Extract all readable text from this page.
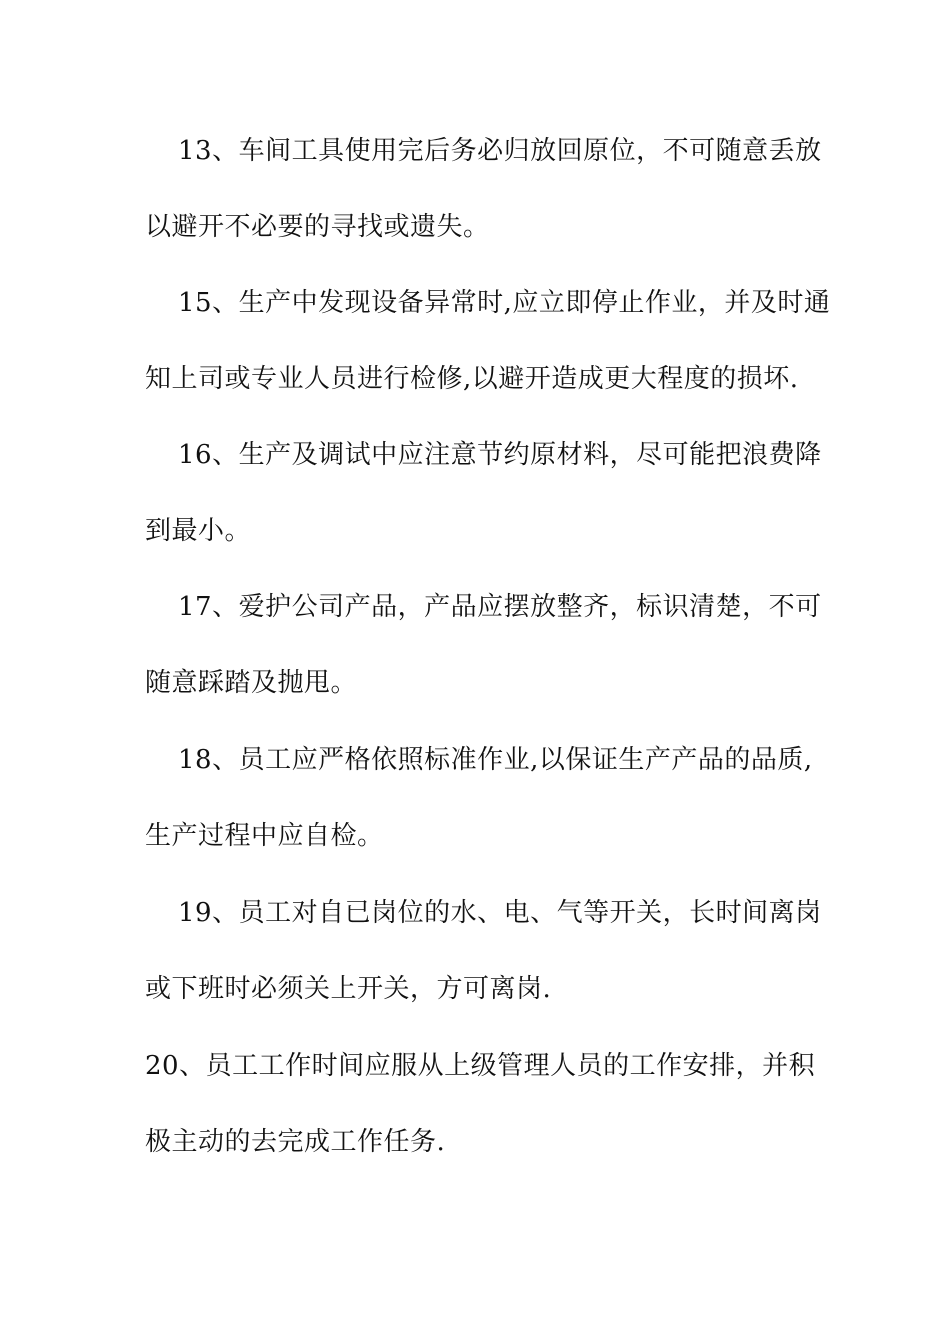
13、车间工具使用完后务必归放回原位，不可随意丢放
以避开不必要的寻找或遗失。

15、生产中发现设备异常时,应立即停止作业，并及时通
知上司或专业人员进行检修,以避开造成更大程度的损坏.

16、生产及调试中应注意节约原材料，尽可能把浪费降
到最小。

17、爱护公司产品，产品应摆放整齐，标识清楚，不可
随意踩踏及抛甩。

18、员工应严格依照标准作业,以保证生产产品的品质,
生产过程中应自检。

19、员工对自已岗位的水、电、气等开关，长时间离岗
或下班时必须关上开关，方可离岗.

20、员工工作时间应服从上级管理人员的工作安排，并积
极主动的去完成工作任务.
